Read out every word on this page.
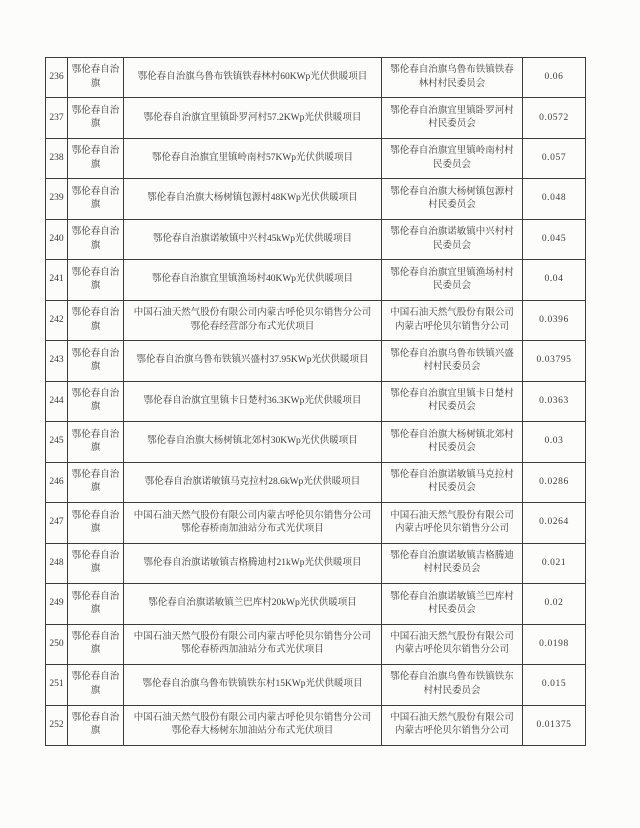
236	鄂伦春自治旗	鄂伦春自治旗乌鲁布铁镇铁春林村60KWp光伏供暖项目	鄂伦春自治旗乌鲁布铁镇铁春林村村民委员会	0.06
237	鄂伦春自治旗	鄂伦春自治旗宜里镇卧罗河村57.2KWp光伏供暖项目	鄂伦春自治旗宜里镇卧罗河村村民委员会	0.0572
238	鄂伦春自治旗	鄂伦春自治旗宜里镇岭南村57KWp光伏供暖项目	鄂伦春自治旗宜里镇岭南村村民委员会	0.057
239	鄂伦春自治旗	鄂伦春自治旗大杨树镇包源村48KWp光伏供暖项目	鄂伦春自治旗大杨树镇包源村村民委员会	0.048
240	鄂伦春自治旗	鄂伦春自治旗诺敏镇中兴村45kWp光伏供暖项目	鄂伦春自治旗诺敏镇中兴村村民委员会	0.045
241	鄂伦春自治旗	鄂伦春自治旗宜里镇渔场村40KWp光伏供暖项目	鄂伦春自治旗宜里镇渔场村村民委员会	0.04
242	鄂伦春自治旗	中国石油天然气股份有限公司内蒙古呼伦贝尔销售分公司鄂伦春经营部分布式光伏项目	中国石油天然气股份有限公司内蒙古呼伦贝尔销售分公司	0.0396
243	鄂伦春自治旗	鄂伦春自治旗乌鲁布铁镇兴盛村37.95KWp光伏供暖项目	鄂伦春自治旗乌鲁布铁镇兴盛村村民委员会	0.03795
244	鄂伦春自治旗	鄂伦春自治旗宜里镇卡日楚村36.3KWp光伏供暖项目	鄂伦春自治旗宜里镇卡日楚村村民委员会	0.0363
245	鄂伦春自治旗	鄂伦春自治旗大杨树镇北郊村30KWp光伏供暖项目	鄂伦春自治旗大杨树镇北郊村村民委员会	0.03
246	鄂伦春自治旗	鄂伦春自治旗诺敏镇马克拉村28.6kWp光伏供暖项目	鄂伦春自治旗诺敏镇马克拉村村民委员会	0.0286
247	鄂伦春自治旗	中国石油天然气股份有限公司内蒙古呼伦贝尔销售分公司鄂伦春桥南加油站分布式光伏项目	中国石油天然气股份有限公司内蒙古呼伦贝尔销售分公司	0.0264
248	鄂伦春自治旗	鄂伦春自治旗诺敏镇吉格腾迪村21kWp光伏供暖项目	鄂伦春自治旗诺敏镇吉格腾迪村村民委员会	0.021
249	鄂伦春自治旗	鄂伦春自治旗诺敏镇兰巴库村20kWp光伏供暖项目	鄂伦春自治旗诺敏镇兰巴库村村民委员会	0.02
250	鄂伦春自治旗	中国石油天然气股份有限公司内蒙古呼伦贝尔销售分公司鄂伦春桥西加油站分布式光伏项目	中国石油天然气股份有限公司内蒙古呼伦贝尔销售分公司	0.0198
251	鄂伦春自治旗	鄂伦春自治旗乌鲁布铁镇铁东村15KWp光伏供暖项目	鄂伦春自治旗乌鲁布铁镇铁东村村民委员会	0.015
252	鄂伦春自治旗	中国石油天然气股份有限公司内蒙古呼伦贝尔销售分公司鄂伦春大杨树东加油站分布式光伏项目	中国石油天然气股份有限公司内蒙古呼伦贝尔销售分公司	0.01375
